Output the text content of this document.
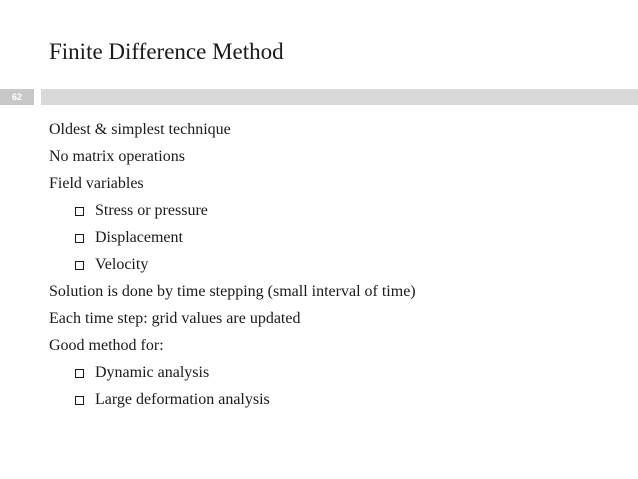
Finite Difference Method
62
Oldest & simplest technique
No matrix operations
Field variables
Stress or pressure
Displacement
Velocity
Solution is done by time stepping (small interval of time)
Each time step: grid values are updated
Good method for:
Dynamic analysis
Large deformation analysis
